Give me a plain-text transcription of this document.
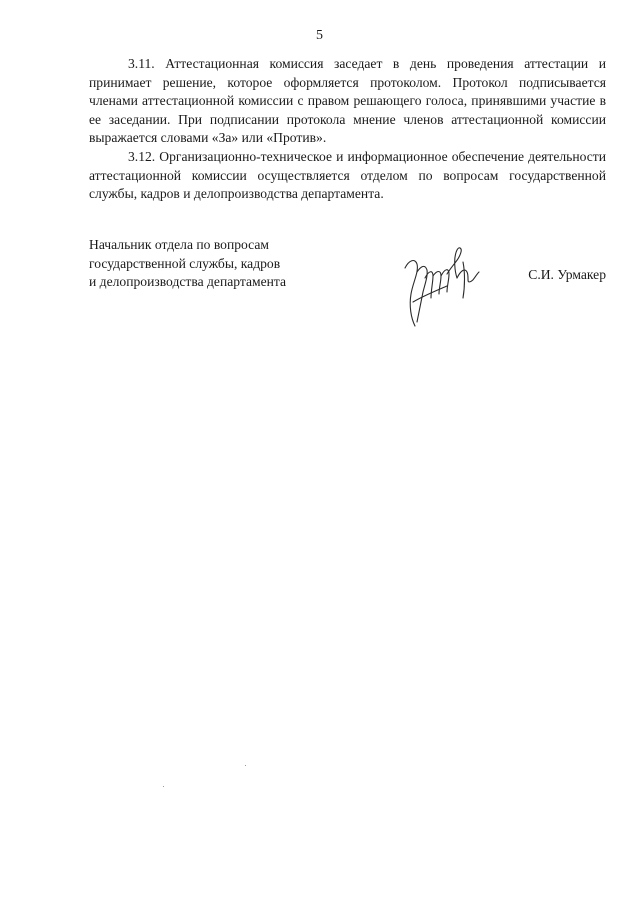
5

3.11. Аттестационная комиссия заседает в день проведения аттестации и принимает решение, которое оформляется протоколом. Протокол подписывается членами аттестационной комиссии с правом решающего голоса, принявшими участие в ее заседании. При подписании протокола мнение членов аттестационной комиссии выражается словами «За» или «Против».

3.12. Организационно-техническое и информационное обеспечение деятельности аттестационной комиссии осуществляется отделом по вопросам государственной службы, кадров и делопроизводства департамента.

Начальник отдела по вопросам
государственной службы, кадров
и делопроизводства департамента	С.И. Урмакер
